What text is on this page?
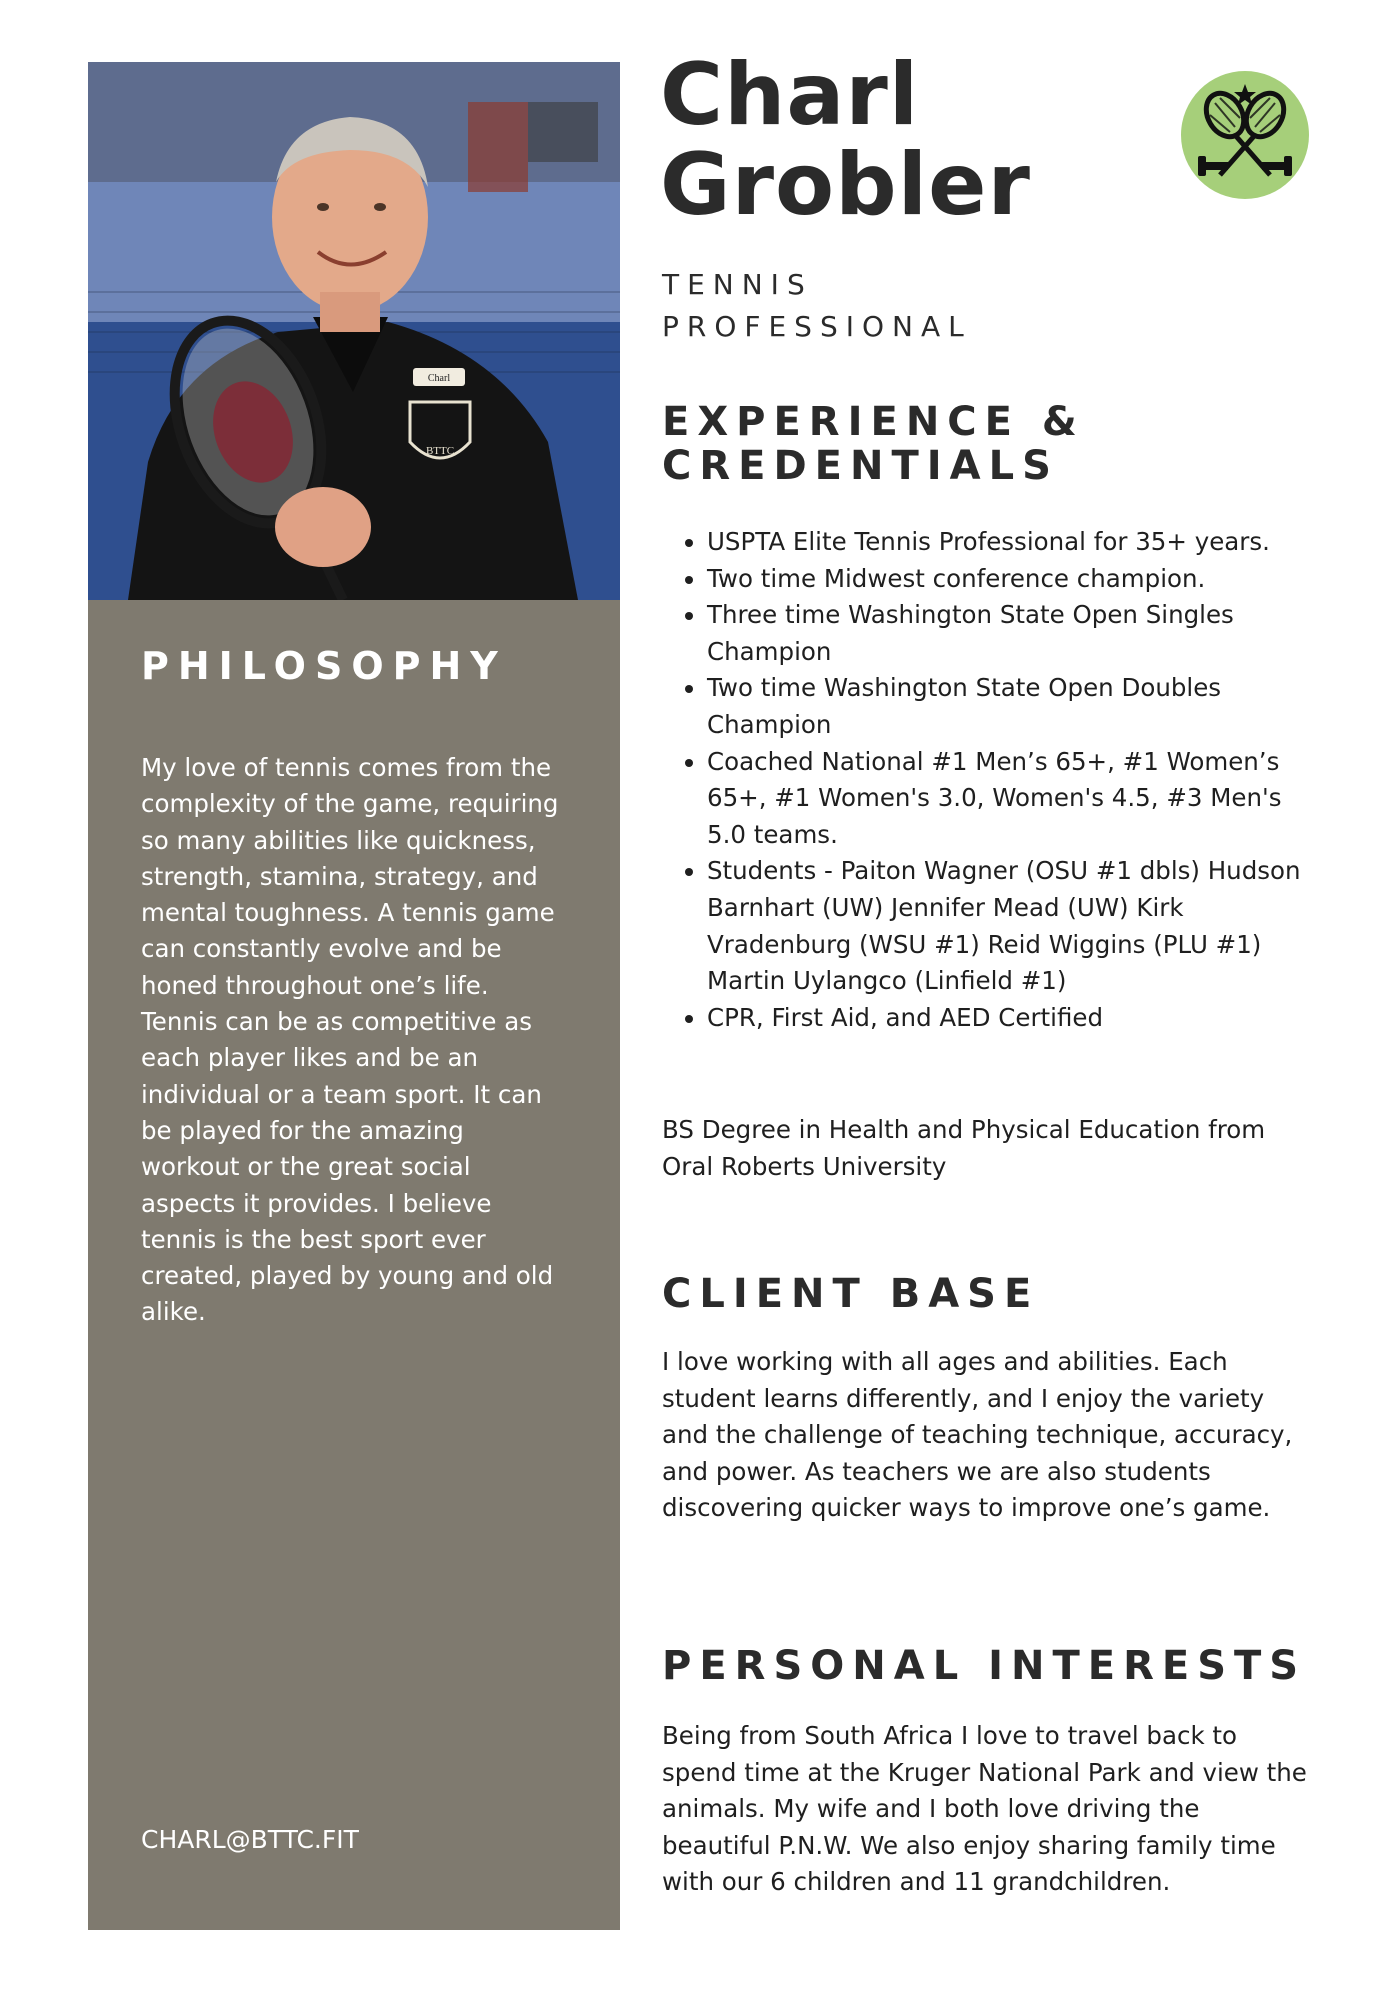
Charl
BTTC
PHILOSOPHY

My love of tennis comes from the complexity of the game, requiring so many abilities like quickness, strength, stamina, strategy, and mental toughness. A tennis game can constantly evolve and be honed throughout one’s life. Tennis can be as competitive as each player likes and be an individual or a team sport. It can be played for the amazing workout or the great social aspects it provides. I believe tennis is the best sport ever created, played by young and old alike.

CHARL@BTTC.FIT
Charl
Grobler

TENNIS
PROFESSIONAL

EXPERIENCE &
CREDENTIALS
• USPTA Elite Tennis Professional for 35+ years.
• Two time Midwest conference champion.
• Three time Washington State Open Singles Champion
• Two time Washington State Open Doubles Champion
• Coached National #1 Men’s 65+, #1 Women’s 65+, #1 Women's 3.0, Women's 4.5, #3 Men's 5.0 teams.
• Students - Paiton Wagner (OSU #1 dbls) Hudson Barnhart (UW) Jennifer Mead (UW) Kirk Vradenburg (WSU #1) Reid Wiggins (PLU #1) Martin Uylangco (Linfield #1)
• CPR, First Aid, and AED Certified

BS Degree in Health and Physical Education from Oral Roberts University

CLIENT BASE

I love working with all ages and abilities. Each student learns differently, and I enjoy the variety and the challenge of teaching technique, accuracy, and power. As teachers we are also students discovering quicker ways to improve one’s game.

PERSONAL INTERESTS

Being from South Africa I love to travel back to spend time at the Kruger National Park and view the animals. My wife and I both love driving the beautiful P.N.W. We also enjoy sharing family time with our 6 children and 11 grandchildren.
